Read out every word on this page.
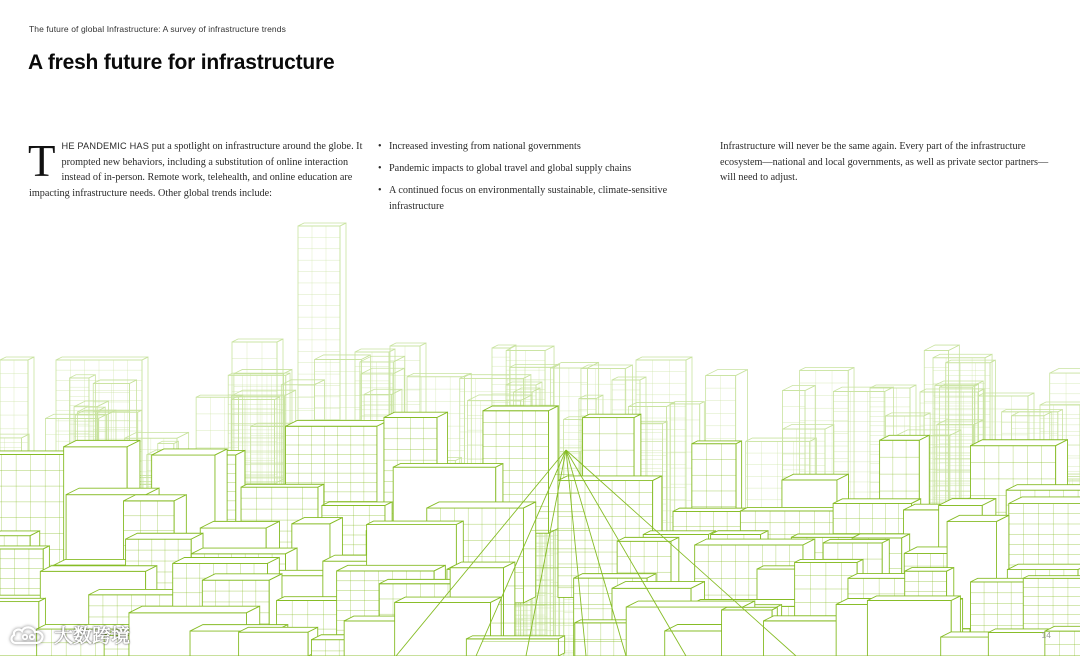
The future of global Infrastructure: A survey of infrastructure trends
A fresh future for infrastructure

THE PANDEMIC HAS put a spotlight on infrastructure around the globe. It prompted new behaviors, including a substitution of online interaction instead of in-person. Remote work, telehealth, and online education are impacting infrastructure needs. Other global trends include:

• Increased investing from national governments
• Pandemic impacts to global travel and global supply chains
• A continued focus on environmentally sustainable, climate-sensitive infrastructure

Infrastructure will never be the same again. Every part of the infrastructure ecosystem—national and local governments, as well as private sector partners—will need to adjust.

14
大数跨境
